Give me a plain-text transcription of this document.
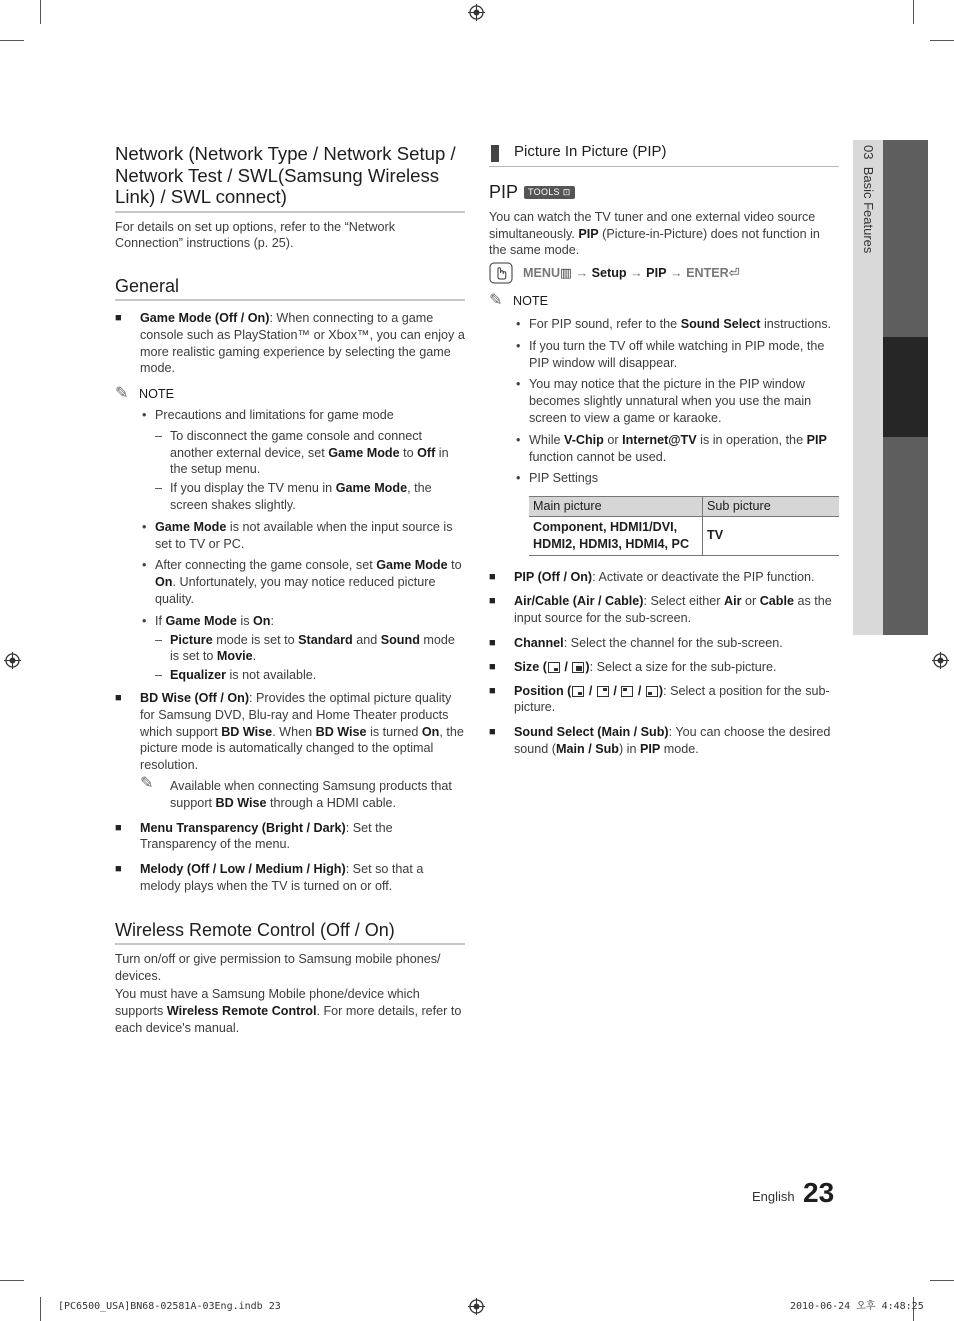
03  Basic Features
Network (Network Type / Network Setup / Network Test / SWL(Samsung Wireless Link) / SWL connect)

For details on set up options, refer to the “Network Connection” instructions (p. 25).

General
■ Game Mode (Off / On): When connecting to a game console such as PlayStation™ or Xbox™, you can enjoy a more realistic gaming experience by selecting the game mode.
✎ NOTE
• Precautions and limitations for game mode
– To disconnect the game console and connect another external device, set Game Mode to Off in the setup menu.
– If you display the TV menu in Game Mode, the screen shakes slightly.
• Game Mode is not available when the input source is set to TV or PC.
• After connecting the game console, set Game Mode to On. Unfortunately, you may notice reduced picture quality.
• If Game Mode is On:
– Picture mode is set to Standard and Sound mode is set to Movie.
– Equalizer is not available.
■ BD Wise (Off / On): Provides the optimal picture quality for Samsung DVD, Blu-ray and Home Theater products which support BD Wise. When BD Wise is turned On, the picture mode is automatically changed to the optimal resolution.
✎	Available when connecting Samsung products that support BD Wise through a HDMI cable.
■ Menu Transparency (Bright / Dark): Set the Transparency of the menu.
■ Melody (Off / Low / Medium / High): Set so that a melody plays when the TV is turned on or off.
Wireless Remote Control (Off / On)

Turn on/off or give permission to Samsung mobile phones/ devices.

You must have a Samsung Mobile phone/device which supports Wireless Remote Control. For more details, refer to each device's manual.

Picture In Picture (PIP)
PIP	TOOLS ⊡

You can watch the TV tuner and one external video source simultaneously. PIP (Picture-in-Picture) does not function in the same mode.

MENU▥ → Setup → PIP → ENTER⏎
✎ NOTE
• For PIP sound, refer to the Sound Select instructions.
• If you turn the TV off while watching in PIP mode, the PIP window will disappear.
• You may notice that the picture in the PIP window becomes slightly unnatural when you use the main screen to view a game or karaoke.
• While V-Chip or Internet@TV is in operation, the PIP function cannot be used.
• PIP Settings
Main picture	Sub picture
Component, HDMI1/DVI, HDMI2, HDMI3, HDMI4, PC	TV
■ PIP (Off / On): Activate or deactivate the PIP function.
■ Air/Cable (Air / Cable): Select either Air or Cable as the input source for the sub-screen.
■ Channel: Select the channel for the sub-screen.
■ Size ( / ): Select a size for the sub-picture.
■ Position ( / / / ): Select a position for the sub-picture.
■ Sound Select (Main / Sub): You can choose the desired sound (Main / Sub) in PIP mode.
English 23
[PC6500_USA]BN68-02581A-03Eng.indb 23	2010-06-24 오후 4:48:25
